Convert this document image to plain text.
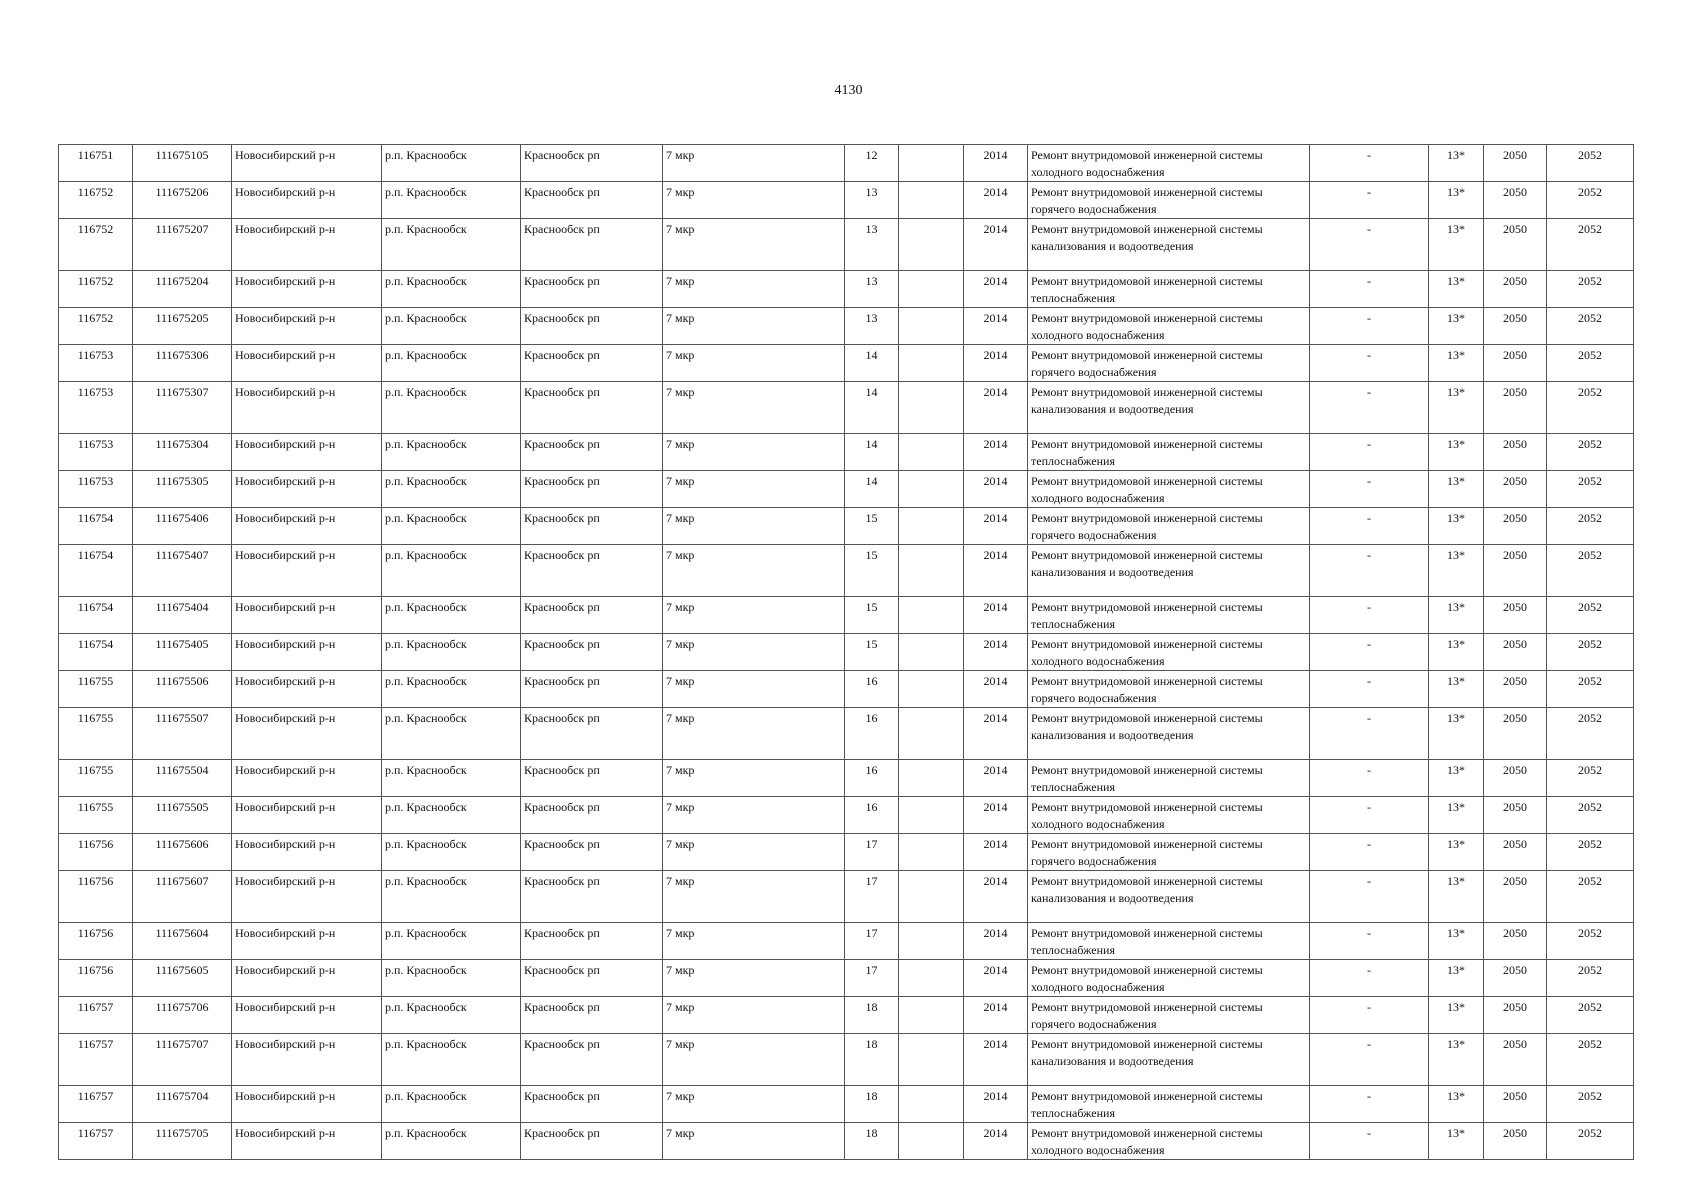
4130
116751	111675105	Новосибирский р-н	р.п. Краснообск	Краснообск рп	7 мкр	12		2014	Ремонт внутридомовой инженерной системы холодного водоснабжения	-	13*	2050	2052
116752	111675206	Новосибирский р-н	р.п. Краснообск	Краснообск рп	7 мкр	13		2014	Ремонт внутридомовой инженерной системы горячего водоснабжения	-	13*	2050	2052
116752	111675207	Новосибирский р-н	р.п. Краснообск	Краснообск рп	7 мкр	13		2014	Ремонт внутридомовой инженерной системы канализования и водоотведения	-	13*	2050	2052
116752	111675204	Новосибирский р-н	р.п. Краснообск	Краснообск рп	7 мкр	13		2014	Ремонт внутридомовой инженерной системы теплоснабжения	-	13*	2050	2052
116752	111675205	Новосибирский р-н	р.п. Краснообск	Краснообск рп	7 мкр	13		2014	Ремонт внутридомовой инженерной системы холодного водоснабжения	-	13*	2050	2052
116753	111675306	Новосибирский р-н	р.п. Краснообск	Краснообск рп	7 мкр	14		2014	Ремонт внутридомовой инженерной системы горячего водоснабжения	-	13*	2050	2052
116753	111675307	Новосибирский р-н	р.п. Краснообск	Краснообск рп	7 мкр	14		2014	Ремонт внутридомовой инженерной системы канализования и водоотведения	-	13*	2050	2052
116753	111675304	Новосибирский р-н	р.п. Краснообск	Краснообск рп	7 мкр	14		2014	Ремонт внутридомовой инженерной системы теплоснабжения	-	13*	2050	2052
116753	111675305	Новосибирский р-н	р.п. Краснообск	Краснообск рп	7 мкр	14		2014	Ремонт внутридомовой инженерной системы холодного водоснабжения	-	13*	2050	2052
116754	111675406	Новосибирский р-н	р.п. Краснообск	Краснообск рп	7 мкр	15		2014	Ремонт внутридомовой инженерной системы горячего водоснабжения	-	13*	2050	2052
116754	111675407	Новосибирский р-н	р.п. Краснообск	Краснообск рп	7 мкр	15		2014	Ремонт внутридомовой инженерной системы канализования и водоотведения	-	13*	2050	2052
116754	111675404	Новосибирский р-н	р.п. Краснообск	Краснообск рп	7 мкр	15		2014	Ремонт внутридомовой инженерной системы теплоснабжения	-	13*	2050	2052
116754	111675405	Новосибирский р-н	р.п. Краснообск	Краснообск рп	7 мкр	15		2014	Ремонт внутридомовой инженерной системы холодного водоснабжения	-	13*	2050	2052
116755	111675506	Новосибирский р-н	р.п. Краснообск	Краснообск рп	7 мкр	16		2014	Ремонт внутридомовой инженерной системы горячего водоснабжения	-	13*	2050	2052
116755	111675507	Новосибирский р-н	р.п. Краснообск	Краснообск рп	7 мкр	16		2014	Ремонт внутридомовой инженерной системы канализования и водоотведения	-	13*	2050	2052
116755	111675504	Новосибирский р-н	р.п. Краснообск	Краснообск рп	7 мкр	16		2014	Ремонт внутридомовой инженерной системы теплоснабжения	-	13*	2050	2052
116755	111675505	Новосибирский р-н	р.п. Краснообск	Краснообск рп	7 мкр	16		2014	Ремонт внутридомовой инженерной системы холодного водоснабжения	-	13*	2050	2052
116756	111675606	Новосибирский р-н	р.п. Краснообск	Краснообск рп	7 мкр	17		2014	Ремонт внутридомовой инженерной системы горячего водоснабжения	-	13*	2050	2052
116756	111675607	Новосибирский р-н	р.п. Краснообск	Краснообск рп	7 мкр	17		2014	Ремонт внутридомовой инженерной системы канализования и водоотведения	-	13*	2050	2052
116756	111675604	Новосибирский р-н	р.п. Краснообск	Краснообск рп	7 мкр	17		2014	Ремонт внутридомовой инженерной системы теплоснабжения	-	13*	2050	2052
116756	111675605	Новосибирский р-н	р.п. Краснообск	Краснообск рп	7 мкр	17		2014	Ремонт внутридомовой инженерной системы холодного водоснабжения	-	13*	2050	2052
116757	111675706	Новосибирский р-н	р.п. Краснообск	Краснообск рп	7 мкр	18		2014	Ремонт внутридомовой инженерной системы горячего водоснабжения	-	13*	2050	2052
116757	111675707	Новосибирский р-н	р.п. Краснообск	Краснообск рп	7 мкр	18		2014	Ремонт внутридомовой инженерной системы канализования и водоотведения	-	13*	2050	2052
116757	111675704	Новосибирский р-н	р.п. Краснообск	Краснообск рп	7 мкр	18		2014	Ремонт внутридомовой инженерной системы теплоснабжения	-	13*	2050	2052
116757	111675705	Новосибирский р-н	р.п. Краснообск	Краснообск рп	7 мкр	18		2014	Ремонт внутридомовой инженерной системы холодного водоснабжения	-	13*	2050	2052
